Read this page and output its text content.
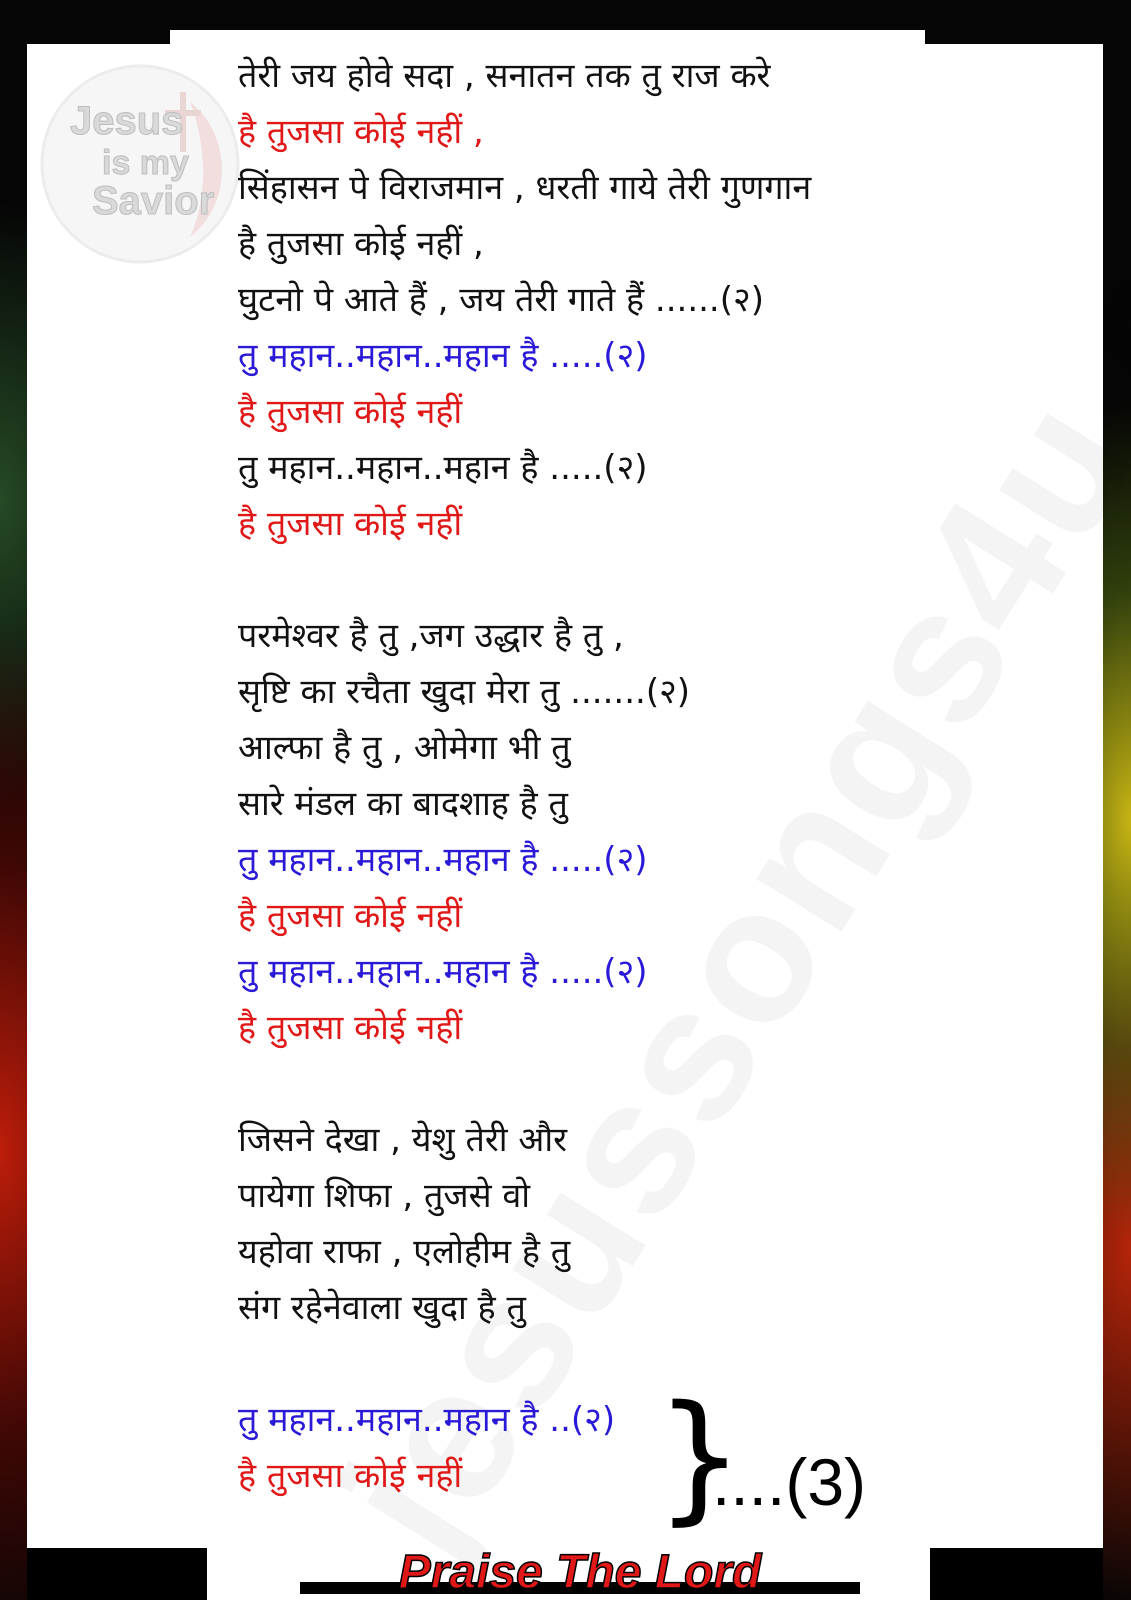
Jesus
is my
Savior
तेरी जय होवे सदा , सनातन तक तु राज करे
है तुजसा कोई नहीं ,
सिंहासन पे विराजमान , धरती गाये तेरी गुणगान
है तुजसा कोई नहीं ,
घुटनो पे आते हैं , जय तेरी गाते हैं ......(२)
तु महान..महान..महान है .....(२)
है तुजसा कोई नहीं
तु महान..महान..महान है .....(२)
है तुजसा कोई नहीं
परमेश्वर है तु ,जग उद्धार है तु ,
सृष्टि का रचैता खुदा मेरा तु .......(२)
आल्फा है तु , ओमेगा भी तु
सारे मंडल का बादशाह है तु
तु महान..महान..महान है .....(२)
है तुजसा कोई नहीं
तु महान..महान..महान है .....(२)
है तुजसा कोई नहीं
जिसने देखा , येशु तेरी और
पायेगा शिफा , तुजसे वो
यहोवा राफा , एलोहीम है तु
संग रहेनेवाला खुदा है तु
तु महान..महान..महान है ..(२)
है तुजसा कोई नहीं	}
....(3)
Praise The Lord
